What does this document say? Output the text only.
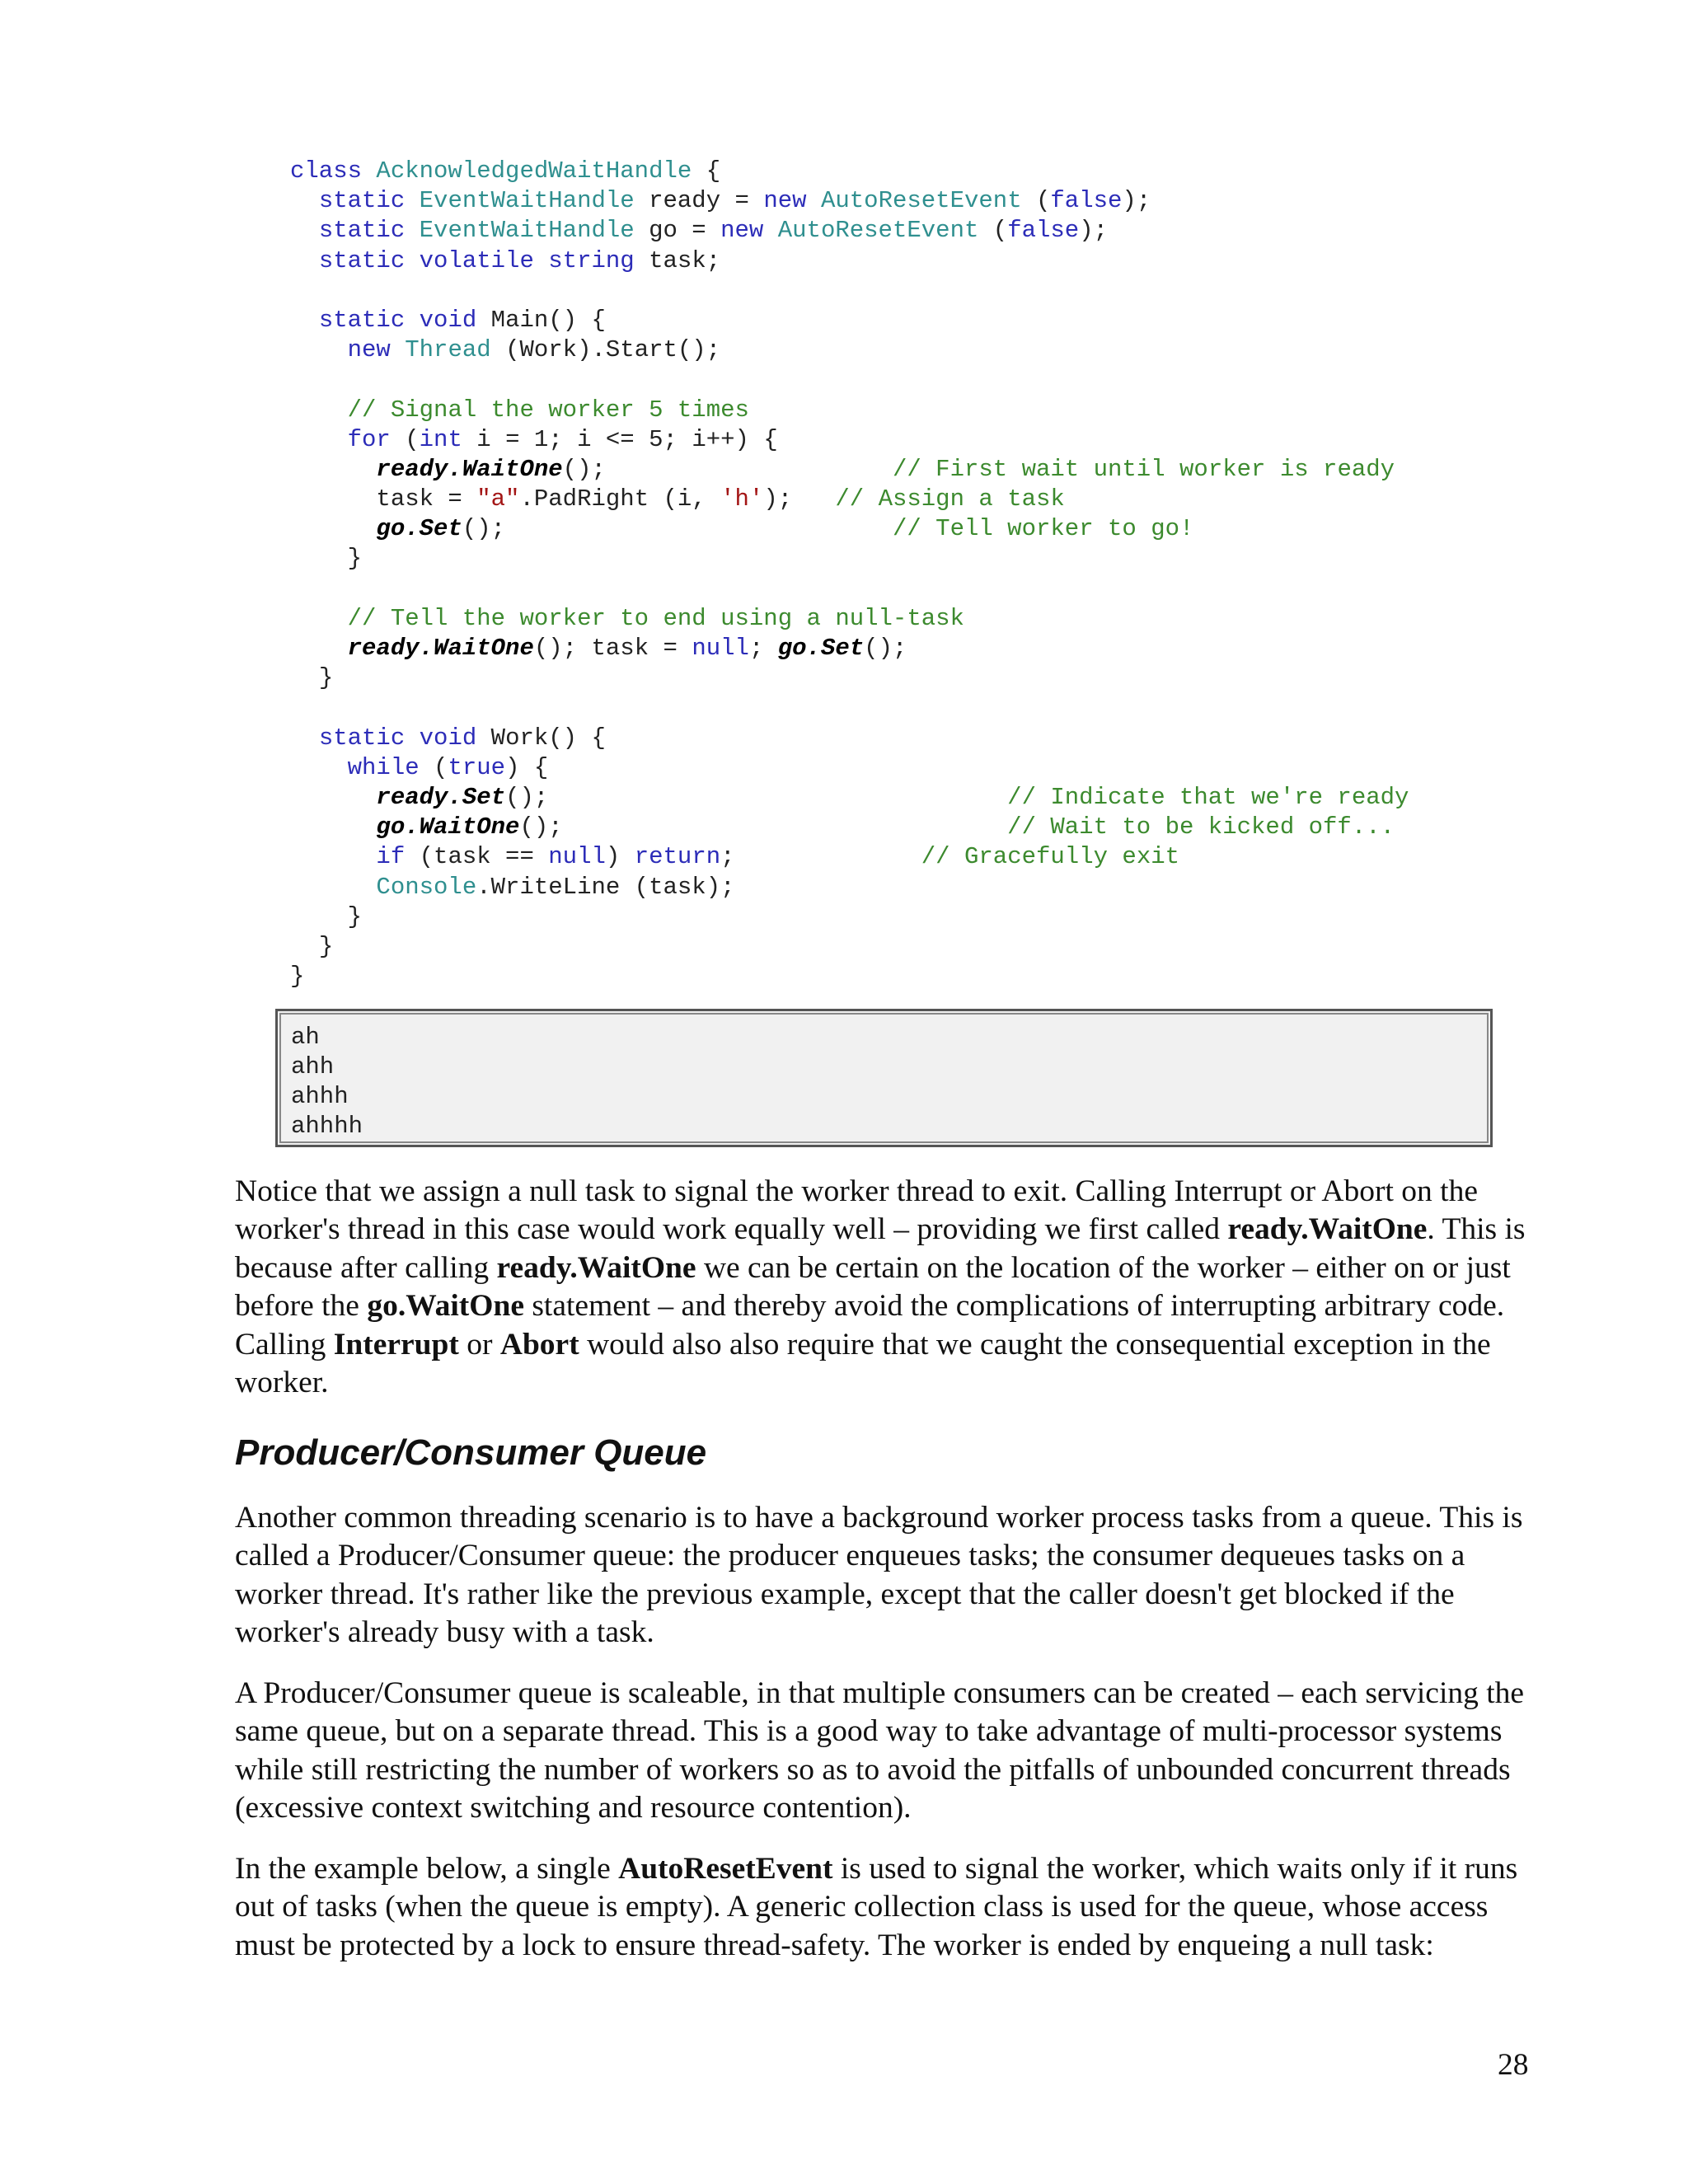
class AcknowledgedWaitHandle {
static EventWaitHandle ready = new AutoResetEvent (false);
static EventWaitHandle go = new AutoResetEvent (false);
static volatile string task;
static void Main() {
new Thread (Work).Start();
// Signal the worker 5 times
for (int i = 1; i <= 5; i++) {
ready.WaitOne();	// First wait until worker is ready
task = "a".PadRight (i, 'h'); // Assign a task
go.Set();	// Tell worker to go!
}
// Tell the worker to end using a null-task
ready.WaitOne(); task = null; go.Set();
}
static void Work() {
while (true) {
ready.Set();	// Indicate that we're ready
go.WaitOne();	// Wait to be kicked off...
if (task == null) return;	// Gracefully exit
Console.WriteLine (task);
}
}
}
ah
ahh
ahhh
ahhhh

Notice that we assign a null task to signal the worker thread to exit. Calling Interrupt or Abort on the worker's thread in this case would work equally well – providing we first called ready.WaitOne. This is because after calling ready.WaitOne we can be certain on the location of the worker – either on or just before the go.WaitOne statement – and thereby avoid the complications of interrupting arbitrary code. Calling Interrupt or Abort would also also require that we caught the consequential exception in the worker.

Producer/Consumer Queue

Another common threading scenario is to have a background worker process tasks from a queue. This is called a Producer/Consumer queue: the producer enqueues tasks; the consumer dequeues tasks on a worker thread. It's rather like the previous example, except that the caller doesn't get blocked if the worker's already busy with a task.

A Producer/Consumer queue is scaleable, in that multiple consumers can be created – each servicing the same queue, but on a separate thread. This is a good way to take advantage of multi-processor systems while still restricting the number of workers so as to avoid the pitfalls of unbounded concurrent threads (excessive context switching and resource contention).

In the example below, a single AutoResetEvent is used to signal the worker, which waits only if it runs out of tasks (when the queue is empty). A generic collection class is used for the queue, whose access must be protected by a lock to ensure thread-safety. The worker is ended by enqueing a null task:

28
